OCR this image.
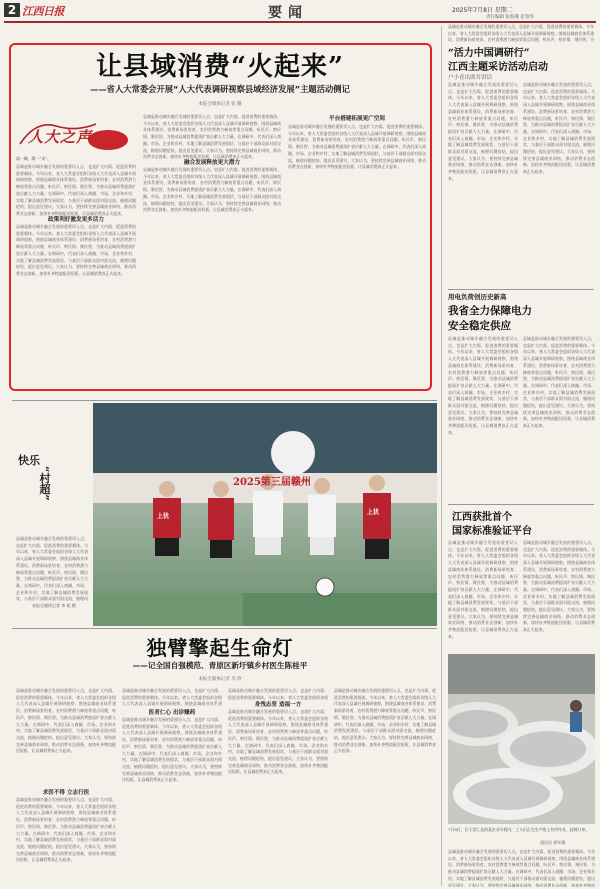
2 江西日报	要闻	2025年7月8日 星期二
责任编辑 张海燕 范春华
让县域消费“火起来”
——省人大常委会开展“人大代表调研视察县域经济发展”主题活动侧记
本报全媒体记者 张 璐
人大之声
读一城，阅一“众”。
县域是推动城乡融合发展的重要切入点，也是扩大内需、促进消费的重要载体。今年以来，省人大常委会组织各级人大代表深入县域开展调研视察，围绕县域商业体系建设、消费新场景培育、农村消费潜力释放等重点问题，听民声、察民情、聚民智，为推动县域消费提质扩容贡献人大力量。在调研中，代表们深入商圈、市场、企业和乡村，实地了解县域消费发展现状，与基层干部群众面对面交流，梳理问题症结，提出意见建议。大家认为，要持续完善县域商业网络，推动消费业态创新，加快补齐物流配送短板，让县域消费真正火起来。
政策利好激发更多活力
县域是推动城乡融合发展的重要切入点，也是扩大内需、促进消费的重要载体。今年以来，省人大常委会组织各级人大代表深入县域开展调研视察，围绕县域商业体系建设、消费新场景培育、农村消费潜力释放等重点问题，听民声、察民情、聚民智，为推动县域消费提质扩容贡献人大力量。在调研中，代表们深入商圈、市场、企业和乡村，实地了解县域消费发展现状，与基层干部群众面对面交流，梳理问题症结，提出意见建议。大家认为，要持续完善县域商业网络，推动消费业态创新，加快补齐物流配送短板，让县域消费真正火起来。
县域是推动城乡融合发展的重要切入点，也是扩大内需、促进消费的重要载体。今年以来，省人大常委会组织各级人大代表深入县域开展调研视察，围绕县域商业体系建设、消费新场景培育、农村消费潜力释放等重点问题，听民声、察民情、聚民智，为推动县域消费提质扩容贡献人大力量。在调研中，代表们深入商圈、市场、企业和乡村，实地了解县域消费发展现状，与基层干部群众面对面交流，梳理问题症结，提出意见建议。大家认为，要持续完善县域商业网络，推动消费业态创新，加快补齐物流配送短板，让县域消费真正火起来。
融合发展释放更大潜力
县域是推动城乡融合发展的重要切入点，也是扩大内需、促进消费的重要载体。今年以来，省人大常委会组织各级人大代表深入县域开展调研视察，围绕县域商业体系建设、消费新场景培育、农村消费潜力释放等重点问题，听民声、察民情、聚民智，为推动县域消费提质扩容贡献人大力量。在调研中，代表们深入商圈、市场、企业和乡村，实地了解县域消费发展现状，与基层干部群众面对面交流，梳理问题症结，提出意见建议。大家认为，要持续完善县域商业网络，推动消费业态创新，加快补齐物流配送短板，让县域消费真正火起来。
平台搭建拓展更广空间
县域是推动城乡融合发展的重要切入点，也是扩大内需、促进消费的重要载体。今年以来，省人大常委会组织各级人大代表深入县域开展调研视察，围绕县域商业体系建设、消费新场景培育、农村消费潜力释放等重点问题，听民声、察民情、聚民智，为推动县域消费提质扩容贡献人大力量。在调研中，代表们深入商圈、市场、企业和乡村，实地了解县域消费发展现状，与基层干部群众面对面交流，梳理问题症结，提出意见建议。大家认为，要持续完善县域商业网络，推动消费业态创新，加快补齐物流配送短板，让县域消费真正火起来。
县域是推动城乡融合发展的重要切入点，也是扩大内需、促进消费的重要载体。今年以来，省人大常委会组织各级人大代表深入县域开展调研视察，围绕县域商业体系建设、消费新场景培育、农村消费潜力释放等重点问题，听民声、察民情、聚民智，为
“活力中国调研行”
江西主题采访活动启动
户小青出席并讲话
县域是推动城乡融合发展的重要切入点，也是扩大内需、促进消费的重要载体。今年以来，省人大常委会组织各级人大代表深入县域开展调研视察，围绕县域商业体系建设、消费新场景培育、农村消费潜力释放等重点问题，听民声、察民情、聚民智，为推动县域消费提质扩容贡献人大力量。在调研中，代表们深入商圈、市场、企业和乡村，实地了解县域消费发展现状，与基层干部群众面对面交流，梳理问题症结，提出意见建议。大家认为，要持续完善县域商业网络，推动消费业态创新，加快补齐物流配送短板，让县域消费真正火起来。
县域是推动城乡融合发展的重要切入点，也是扩大内需、促进消费的重要载体。今年以来，省人大常委会组织各级人大代表深入县域开展调研视察，围绕县域商业体系建设、消费新场景培育、农村消费潜力释放等重点问题，听民声、察民情、聚民智，为推动县域消费提质扩容贡献人大力量。在调研中，代表们深入商圈、市场、企业和乡村，实地了解县域消费发展现状，与基层干部群众面对面交流，梳理问题症结，提出意见建议。大家认为，要持续完善县域商业网络，推动消费业态创新，加快补齐物流配送短板，让县域消费真正火起来。
用电负荷创历史新高
我省全力保障电力
安全稳定供应
县域是推动城乡融合发展的重要切入点，也是扩大内需、促进消费的重要载体。今年以来，省人大常委会组织各级人大代表深入县域开展调研视察，围绕县域商业体系建设、消费新场景培育、农村消费潜力释放等重点问题，听民声、察民情、聚民智，为推动县域消费提质扩容贡献人大力量。在调研中，代表们深入商圈、市场、企业和乡村，实地了解县域消费发展现状，与基层干部群众面对面交流，梳理问题症结，提出意见建议。大家认为，要持续完善县域商业网络，推动消费业态创新，加快补齐物流配送短板，让县域消费真正火起来。
县域是推动城乡融合发展的重要切入点，也是扩大内需、促进消费的重要载体。今年以来，省人大常委会组织各级人大代表深入县域开展调研视察，围绕县域商业体系建设、消费新场景培育、农村消费潜力释放等重点问题，听民声、察民情、聚民智，为推动县域消费提质扩容贡献人大力量。在调研中，代表们深入商圈、市场、企业和乡村，实地了解县域消费发展现状，与基层干部群众面对面交流，梳理问题症结，提出意见建议。大家认为，要持续完善县域商业网络，推动消费业态创新，加快补齐物流配送短板，让县域消费真正火起来。
江西获批首个
国家标准验证平台
县域是推动城乡融合发展的重要切入点，也是扩大内需、促进消费的重要载体。今年以来，省人大常委会组织各级人大代表深入县域开展调研视察，围绕县域商业体系建设、消费新场景培育、农村消费潜力释放等重点问题，听民声、察民情、聚民智，为推动县域消费提质扩容贡献人大力量。在调研中，代表们深入商圈、市场、企业和乡村，实地了解县域消费发展现状，与基层干部群众面对面交流，梳理问题症结，提出意见建议。大家认为，要持续完善县域商业网络，推动消费业态创新，加快补齐物流配送短板，让县域消费真正火起来。
县域是推动城乡融合发展的重要切入点，也是扩大内需、促进消费的重要载体。今年以来，省人大常委会组织各级人大代表深入县域开展调研视察，围绕县域商业体系建设、消费新场景培育、农村消费潜力释放等重点问题，听民声、察民情、聚民智，为推动县域消费提质扩容贡献人大力量。在调研中，代表们深入商圈、市场、企业和乡村，实地了解县域消费发展现状，与基层干部群众面对面交流，梳理问题症结，提出意见建议。大家认为，要持续完善县域商业网络，推动消费业态创新，加快补齐物流配送短板，让县域消费真正火起来。
7月8日，位于崇仁县的某企业车间内，工人们正在生产线上有序作业，赶制订单。
通讯员 徐军摄
县域是推动城乡融合发展的重要切入点，也是扩大内需、促进消费的重要载体。今年以来，省人大常委会组织各级人大代表深入县域开展调研视察，围绕县域商业体系建设、消费新场景培育、农村消费潜力释放等重点问题，听民声、察民情、聚民智，为推动县域消费提质扩容贡献人大力量。在调研中，代表们深入商圈、市场、企业和乡村，实地了解县域消费发展现状，与基层干部群众面对面交流，梳理问题症结，提出意见建议。大家认为，要持续完善县域商业网络，推动消费业态创新，加快补齐物流
快乐
“村超”
县域是推动城乡融合发展的重要切入点，也是扩大内需、促进消费的重要载体。今年以来，省人大常委会组织各级人大代表深入县域开展调研视察，围绕县域商业体系建设、消费新场景培育、农村消费潜力释放等重点问题，听民声、察民情、聚民智，为推动县域消费提质扩容贡献人大力量。在调研中，代表们深入商圈、市场、企业和乡村，实地了解县域消费发展现状，与基层干部群众面对面交流，梳理问
本报全媒体记者 李 韬 摄
2025第三届赣州
上犹
上犹
独臂擎起生命灯
——记全国自强模范、青原区新圩镇乡村医生陈桂平
本报全媒体记者 李 欣
县域是推动城乡融合发展的重要切入点，也是扩大内需、促进消费的重要载体。今年以来，省人大常委会组织各级人大代表深入县域开展调研视察，围绕县域商业体系建设、消费新场景培育、农村消费潜力释放等重点问题，听民声、察民情、聚民智，为推动县域消费提质扩容贡献人大力量。在调研中，代表们深入商圈、市场、企业和乡村，实地了解县域消费发展现状，与基层干部群众面对面交流，梳理问题症结，提出意见建议。大家认为，要持续完善县域商业网络，推动消费业态创新，加快补齐物流配送短板，让县域消费真正火起来。
求医不得 立志行医
县域是推动城乡融合发展的重要切入点，也是扩大内需、促进消费的重要载体。今年以来，省人大常委会组织各级人大代表深入县域开展调研视察，围绕县域商业体系建设、消费新场景培育、农村消费潜力释放等重点问题，听民声、察民情、聚民智，为推动县域消费提质扩容贡献人大力量。在调研中，代表们深入商圈、市场、企业和乡村，实地了解县域消费发展现状，与基层干部群众面对面交流，梳理问题症结，提出意见建议。大家认为，要持续完善县域商业网络，推动消费业态创新，加快补齐物流配送短板，让县域消费真正火起来。
县域是推动城乡融合发展的重要切入点，也是扩大内需、促进消费的重要载体。今年以来，省人大常委会组织各级人大代表深入县域开展调研视察，围绕县域商业体系建
医者仁心 出诊赚药
县域是推动城乡融合发展的重要切入点，也是扩大内需、促进消费的重要载体。今年以来，省人大常委会组织各级人大代表深入县域开展调研视察，围绕县域商业体系建设、消费新场景培育、农村消费潜力释放等重点问题，听民声、察民情、聚民智，为推动县域消费提质扩容贡献人大力量。在调研中，代表们深入商圈、市场、企业和乡村，实地了解县域消费发展现状，与基层干部群众面对面交流，梳理问题症结，提出意见建议。大家认为，要持续完善县域商业网络，推动消费业态创新，加快补齐物流配送短板，让县域消费真正火起来。
县域是推动城乡融合发展的重要切入点，也是扩大内需、促进消费的重要载体。今年以来，省人大常委会组织各级
身残志坚 造福一方
县域是推动城乡融合发展的重要切入点，也是扩大内需、促进消费的重要载体。今年以来，省人大常委会组织各级人大代表深入县域开展调研视察，围绕县域商业体系建设、消费新场景培育、农村消费潜力释放等重点问题，听民声、察民情、聚民智，为推动县域消费提质扩容贡献人大力量。在调研中，代表们深入商圈、市场、企业和乡村，实地了解县域消费发展现状，与基层干部群众面对面交流，梳理问题症结，提出意见建议。大家认为，要持续完善县域商业网络，推动消费业态创新，加快补齐物流配送短板，让县域消费真正火起来。
县域是推动城乡融合发展的重要切入点，也是扩大内需、促进消费的重要载体。今年以来，省人大常委会组织各级人大代表深入县域开展调研视察，围绕县域商业体系建设、消费新场景培育、农村消费潜力释放等重点问题，听民声、察民情、聚民智，为推动县域消费提质扩容贡献人大力量。在调研中，代表们深入商圈、市场、企业和乡村，实地了解县域消费发展现状，与基层干部群众面对面交流，梳理问题症结，提出意见建议。大家认为，要持续完善县域商业网络，推动消费业态创新，加快补齐物流配送短板，让县域消费真正火起来。
